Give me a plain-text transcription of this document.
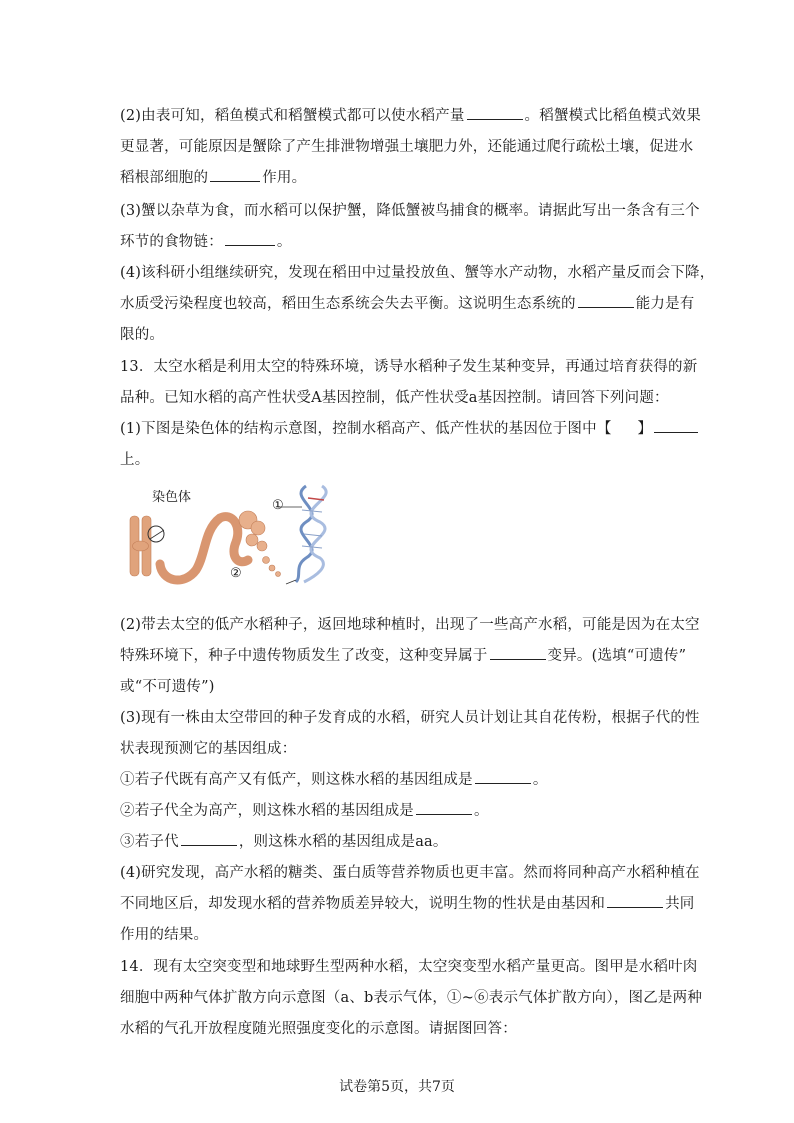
(2)由表可知，稻鱼模式和稻蟹模式都可以使水稻产量	。稻蟹模式比稻鱼模式效果
更显著，可能原因是蟹除了产生排泄物增强土壤肥力外，还能通过爬行疏松土壤，促进水
稻根部细胞的	作用。
(3)蟹以杂草为食，而水稻可以保护蟹，降低蟹被鸟捕食的概率。请据此写出一条含有三个
环节的食物链：	。
(4)该科研小组继续研究，发现在稻田中过量投放鱼、蟹等水产动物，水稻产量反而会下降，
水质受污染程度也较高，稻田生态系统会失去平衡。这说明生态系统的	能力是有
限的。
13．太空水稻是利用太空的特殊环境，诱导水稻种子发生某种变异，再通过培育获得的新
品种。已知水稻的高产性状受A基因控制，低产性状受a基因控制。请回答下列问题：
(1)下图是染色体的结构示意图，控制水稻高产、低产性状的基因位于图中【 】
上。
染色体
①
②
(2)带去太空的低产水稻种子，返回地球种植时，出现了一些高产水稻，可能是因为在太空
特殊环境下，种子中遗传物质发生了改变，这种变异属于	变异。(选填“可遗传”
或“不可遗传”)
(3)现有一株由太空带回的种子发育成的水稻，研究人员计划让其自花传粉，根据子代的性
状表现预测它的基因组成：
①若子代既有高产又有低产，则这株水稻的基因组成是	。
②若子代全为高产，则这株水稻的基因组成是	。
③若子代	，则这株水稻的基因组成是aa。
(4)研究发现，高产水稻的糖类、蛋白质等营养物质也更丰富。然而将同种高产水稻种植在
不同地区后，却发现水稻的营养物质差异较大，说明生物的性状是由基因和	共同
作用的结果。
14．现有太空突变型和地球野生型两种水稻，太空突变型水稻产量更高。图甲是水稻叶肉
细胞中两种气体扩散方向示意图（a、b表示气体，①~⑥表示气体扩散方向），图乙是两种
水稻的气孔开放程度随光照强度变化的示意图。请据图回答：
试卷第5页，共7页
